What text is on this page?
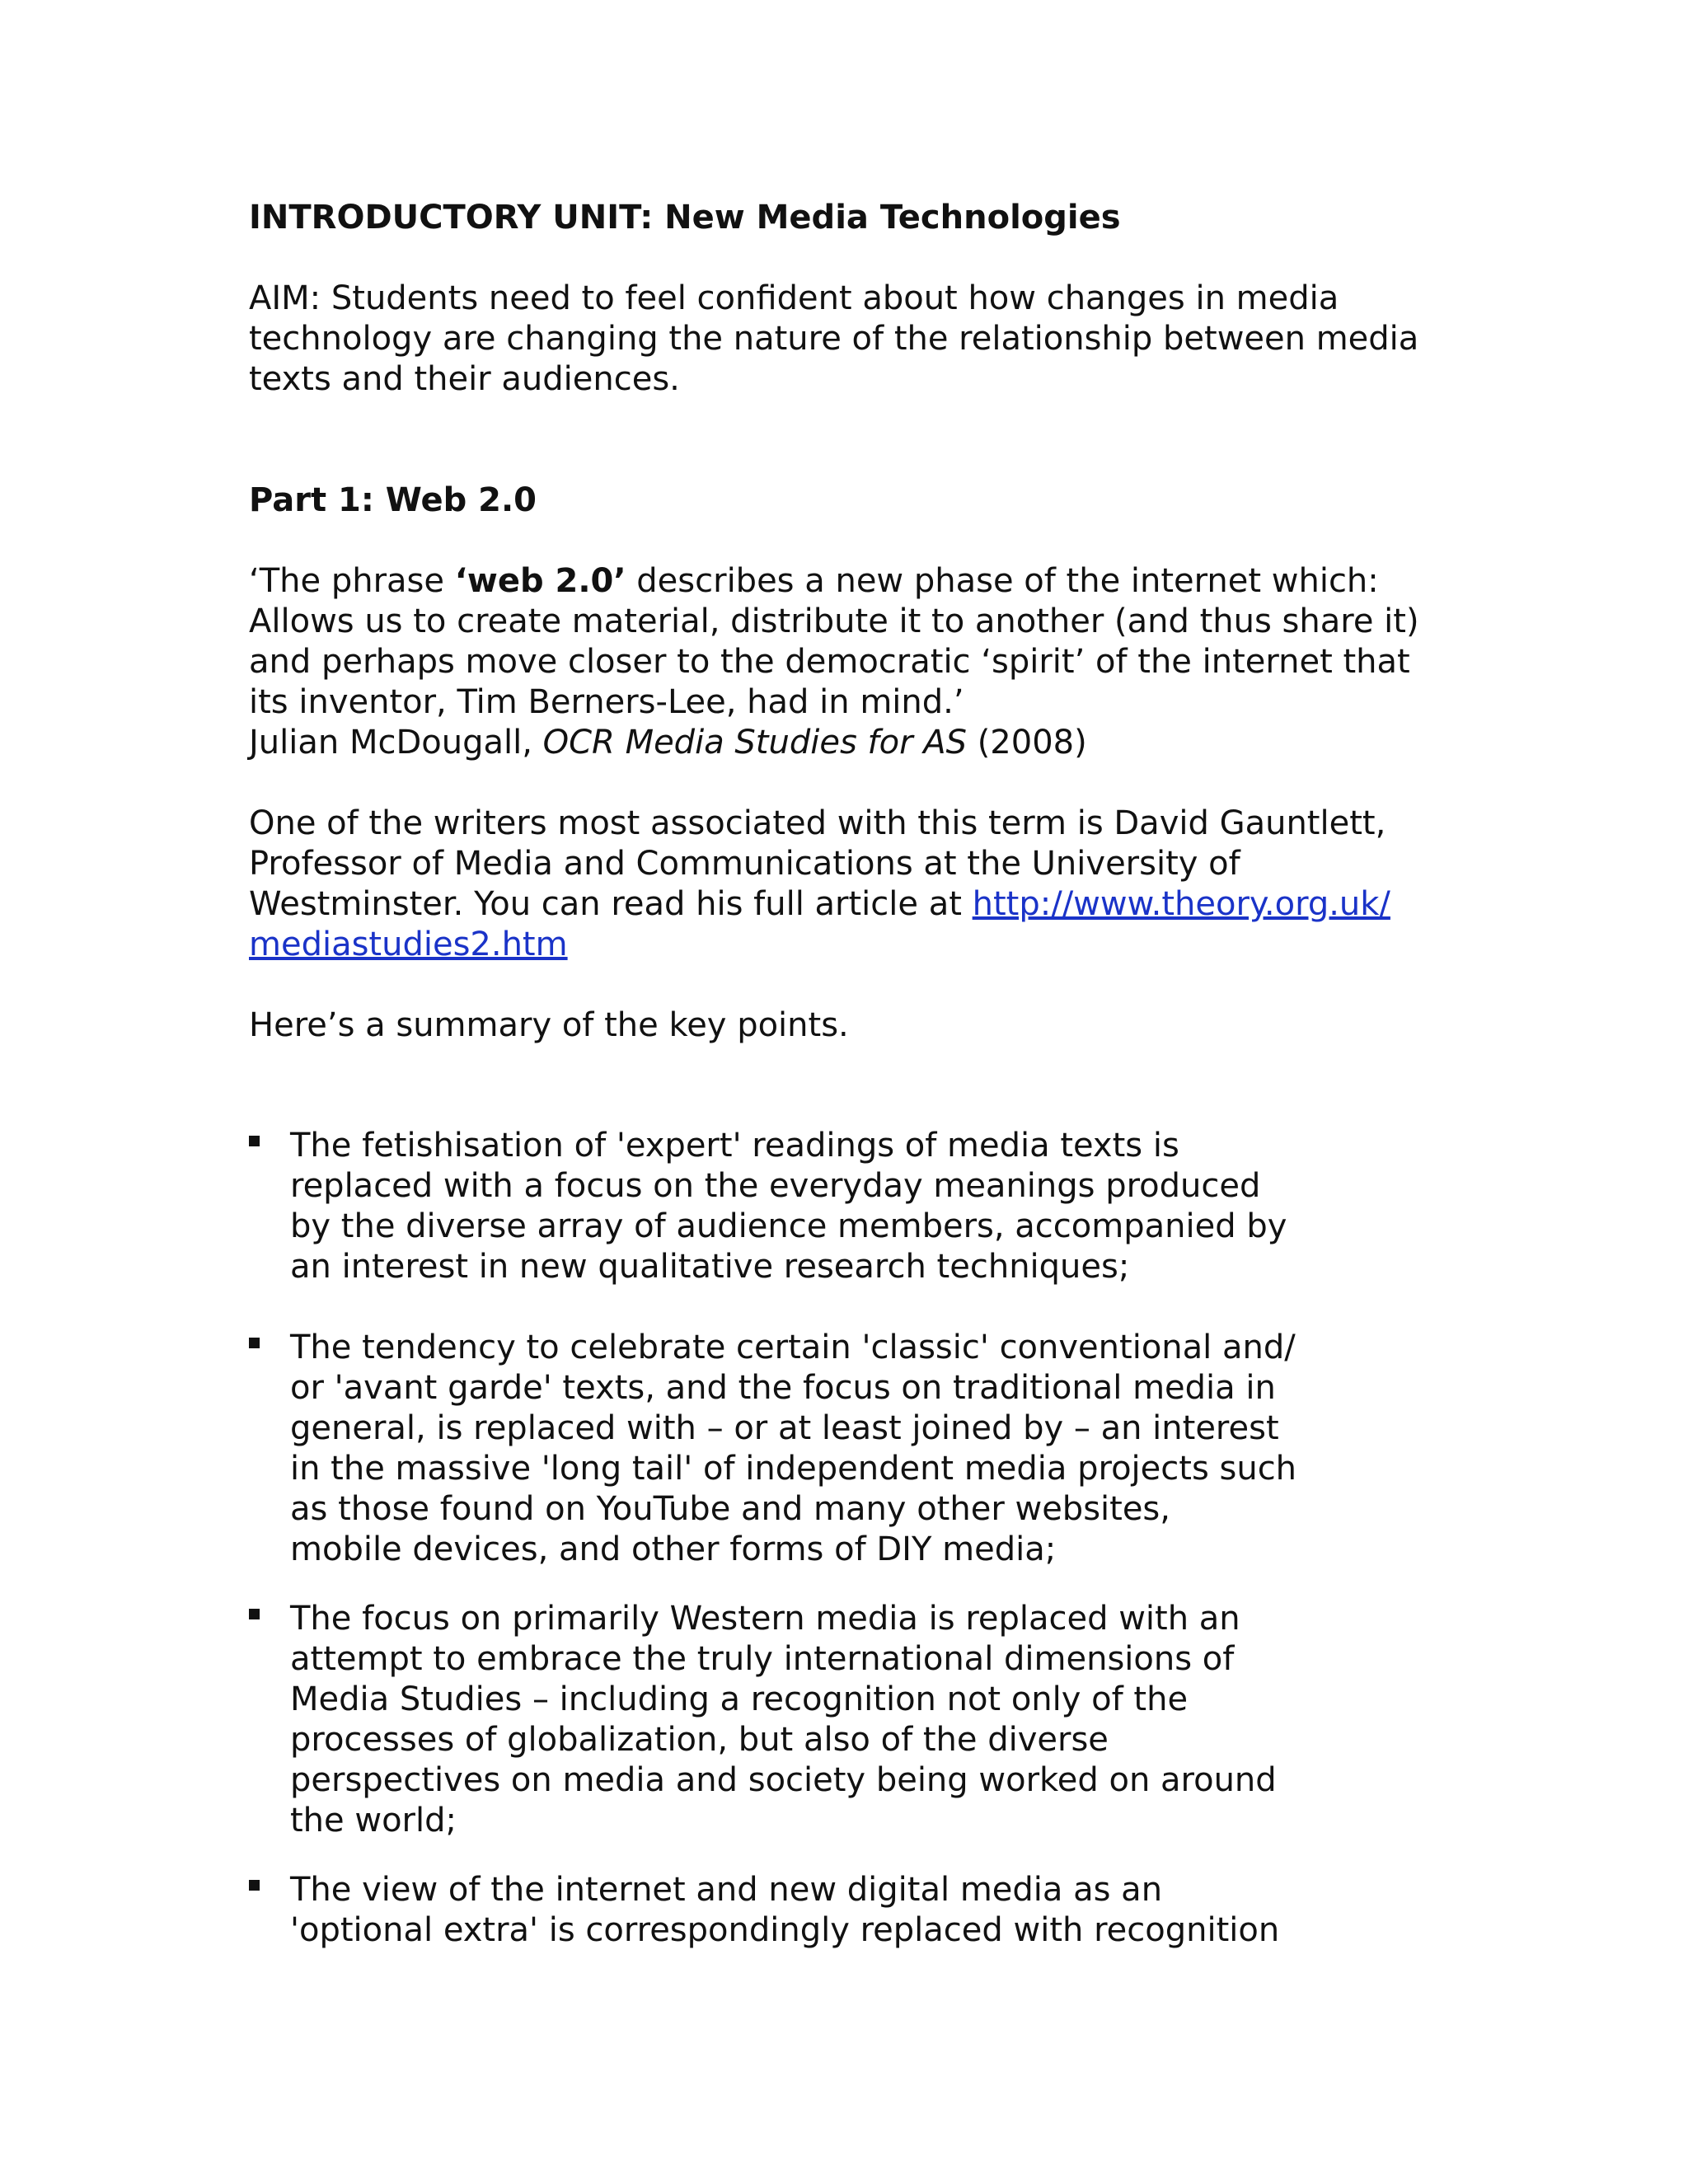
INTRODUCTORY UNIT: New Media Technologies

AIM: Students need to feel confident about how changes in media
technology are changing the nature of the relationship between media
texts and their audiences.

Part 1: Web 2.0

‘The phrase ‘web 2.0’ describes a new phase of the internet which:
Allows us to create material, distribute it to another (and thus share it)
and perhaps move closer to the democratic ‘spirit’ of the internet that
its inventor, Tim Berners-Lee, had in mind.’
Julian McDougall, OCR Media Studies for AS (2008)

One of the writers most associated with this term is David Gauntlett,
Professor of Media and Communications at the University of
Westminster. You can read his full article at http://www.theory.org.uk/
mediastudies2.htm

Here’s a summary of the key points.

The fetishisation of 'expert' readings of media texts is
replaced with a focus on the everyday meanings produced
by the diverse array of audience members, accompanied by
an interest in new qualitative research techniques;
The tendency to celebrate certain 'classic' conventional and/
or 'avant garde' texts, and the focus on traditional media in
general, is replaced with – or at least joined by – an interest
in the massive 'long tail' of independent media projects such
as those found on YouTube and many other websites,
mobile devices, and other forms of DIY media;
The focus on primarily Western media is replaced with an
attempt to embrace the truly international dimensions of
Media Studies – including a recognition not only of the
processes of globalization, but also of the diverse
perspectives on media and society being worked on around
the world;
The view of the internet and new digital media as an
'optional extra' is correspondingly replaced with recognition
